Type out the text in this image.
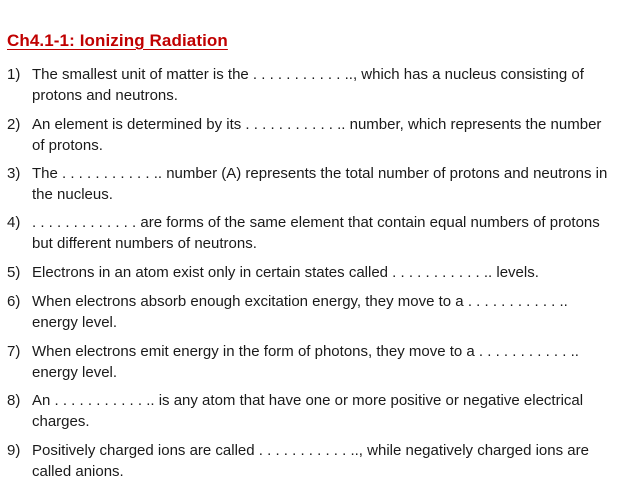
Ch4.1-1: Ionizing Radiation
1) The smallest unit of matter is the . . . . . . . . . . . .., which has a nucleus consisting of protons and neutrons.
2) An element is determined by its . . . . . . . . . . . .. number, which represents the number of protons.
3) The . . . . . . . . . . . .. number (A) represents the total number of protons and neutrons in the nucleus.
4) . . . . . . . . . . . . . are forms of the same element that contain equal numbers of protons but different numbers of neutrons.
5) Electrons in an atom exist only in certain states called . . . . . . . . . . . .. levels.
6) When electrons absorb enough excitation energy, they move to a . . . . . . . . . . . .. energy level.
7) When electrons emit energy in the form of photons, they move to a . . . . . . . . . . . .. energy level.
8) An . . . . . . . . . . . .. is any atom that have one or more positive or negative electrical charges.
9) Positively charged ions are called . . . . . . . . . . . .., while negatively charged ions are called anions.
